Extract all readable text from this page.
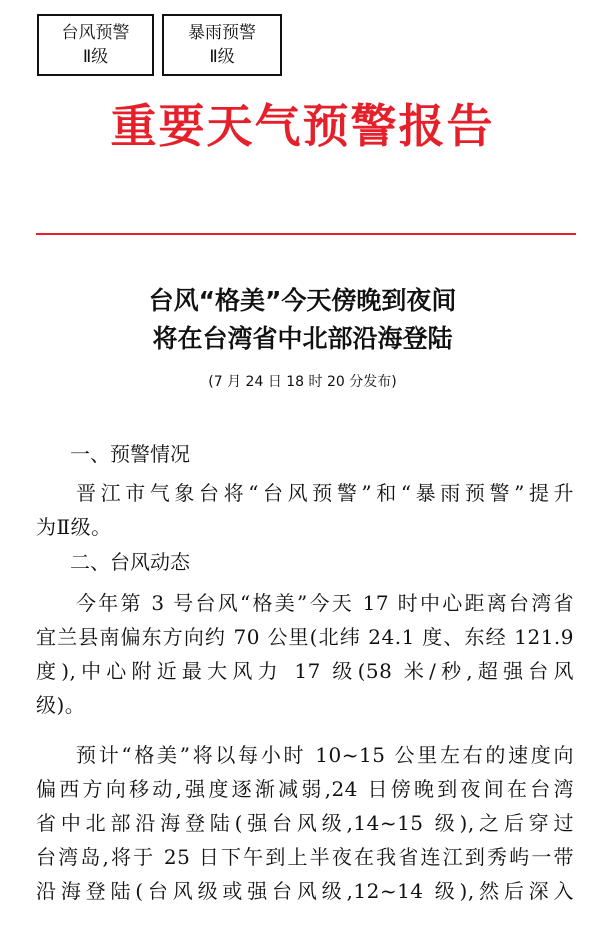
台风预警
Ⅱ级
暴雨预警
Ⅱ级
重要天气预警报告
台风“格美”今天傍晚到夜间
将在台湾省中北部沿海登陆
(7 月 24 日 18 时 20 分发布)
一、预警情况
晋江市气象台将“台风预警”和“暴雨预警”提升
为Ⅱ级。
二、台风动态
今年第 3 号台风“格美”今天 17 时中心距离台湾省
宜兰县南偏东方向约 70 公里(北纬 24.1 度、东经 121.9
度),中心附近最大风力 17 级(58 米/秒,超强台风
级)。
预计“格美”将以每小时 10~15 公里左右的速度向
偏西方向移动,强度逐渐减弱,24 日傍晚到夜间在台湾
省中北部沿海登陆(强台风级,14~15 级),之后穿过
台湾岛,将于 25 日下午到上半夜在我省连江到秀屿一带
沿海登陆(台风级或强台风级,12~14 级),然后深入
